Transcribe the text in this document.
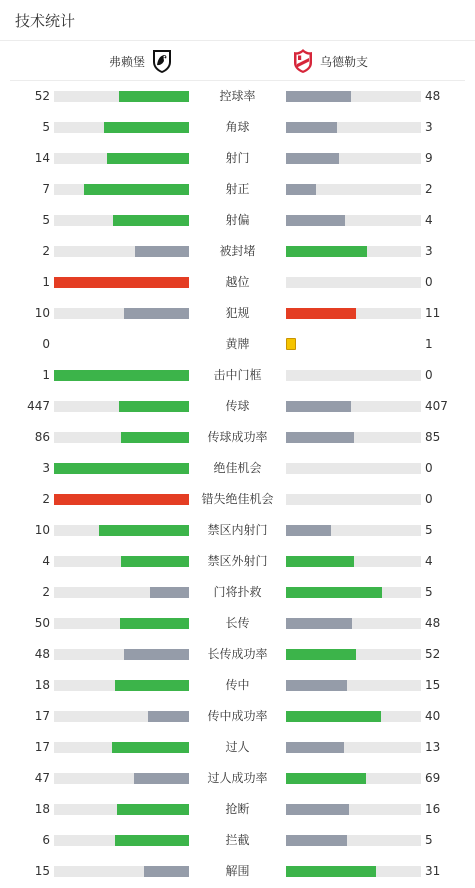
技术统计
弗赖堡	乌德勒支
52	控球率	48
5	角球	3
14	射门	9
7	射正	2
5	射偏	4
2	被封堵	3
1	越位	0
10	犯规	11
0	黄牌	1
1	击中门框	0
447	传球	407
86	传球成功率	85
3	绝佳机会	0
2	错失绝佳机会	0
10	禁区内射门	5
4	禁区外射门	4
2	门将扑救	5
50	长传	48
48	长传成功率	52
18	传中	15
17	传中成功率	40
17	过人	13
47	过人成功率	69
18	抢断	16
6	拦截	5
15	解围	31
